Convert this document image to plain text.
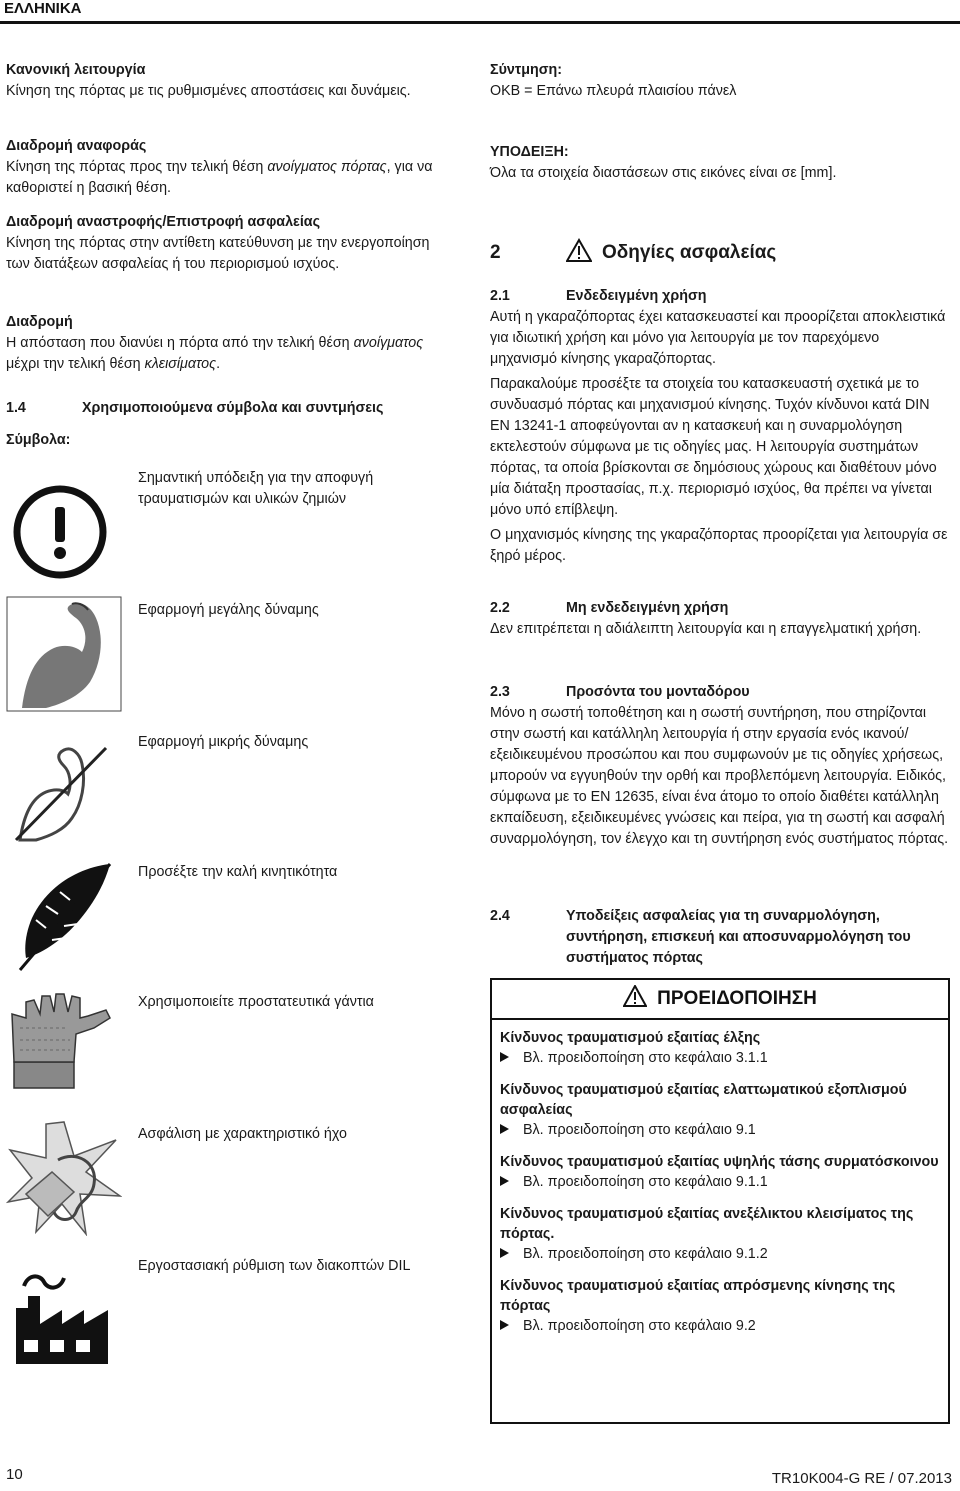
ΕΛΛΗΝΙΚΑ

Κανονική λειτουργία

Κίνηση της πόρτας με τις ρυθμισμένες αποστάσεις και δυνάμεις.

Διαδρομή αναφοράς

Κίνηση της πόρτας προς την τελική θέση ανοίγματος πόρτας, για να καθοριστεί η βασική θέση.

Διαδρομή αναστροφής/Επιστροφή ασφαλείας

Κίνηση της πόρτας στην αντίθετη κατεύθυνση με την ενεργοποίηση των διατάξεων ασφαλείας ή του περιορισμού ισχύος.

Διαδρομή

Η απόσταση που διανύει η πόρτα από την τελική θέση ανοίγματος μέχρι την τελική θέση κλεισίματος.

1.4	Χρησιμοποιούμενα σύμβολα και συντμήσεις

Σύμβολα:

Σημαντική υπόδειξη για την αποφυγή τραυματισμών και υλικών ζημιών
Εφαρμογή μεγάλης δύναμης
Εφαρμογή μικρής δύναμης
Προσέξτε την καλή κινητικότητα
Χρησιμοποιείτε προστατευτικά γάντια
Ασφάλιση με χαρακτηριστικό ήχο
Εργοστασιακή ρύθμιση των διακοπτών DIL

Σύντμηση:

OKB = Επάνω πλευρά πλαισίου πάνελ

ΥΠΟΔΕΙΞΗ:

Όλα τα στοιχεία διαστάσεων στις εικόνες είναι σε [mm].

2	Οδηγίες ασφαλείας

2.1	Ενδεδειγμένη χρήση

Αυτή η γκαραζόπορτας έχει κατασκευαστεί και προορίζεται αποκλειστικά για ιδιωτική χρήση και μόνο για λειτουργία με τον παρεχόμενο μηχανισμό κίνησης γκαραζόπορτας.

Παρακαλούμε προσέξτε τα στοιχεία του κατασκευαστή σχετικά με το συνδυασμό πόρτας και μηχανισμού κίνησης. Τυχόν κίνδυνοι κατά DIN EN 13241-1 αποφεύγονται αν η κατασκευή και η συναρμολόγηση εκτελεστούν σύμφωνα με τις οδηγίες μας. Η λειτουργία συστημάτων πόρτας, τα οποία βρίσκονται σε δημόσιους χώρους και διαθέτουν μόνο μία διάταξη προστασίας, π.χ. περιορισμό ισχύος, θα πρέπει να γίνεται μόνο υπό επίβλεψη.

Ο μηχανισμός κίνησης της γκαραζόπορτας προορίζεται για λειτουργία σε ξηρό μέρος.

2.2	Μη ενδεδειγμένη χρήση

Δεν επιτρέπεται η αδιάλειπτη λειτουργία και η επαγγελματική χρήση.

2.3	Προσόντα του μονταδόρου

Μόνο η σωστή τοποθέτηση και η σωστή συντήρηση, που στηρίζονται στην σωστή και κατάλληλη λειτουργία ή στην εργασία ενός ικανού/εξειδικευμένου προσώπου και που συμφωνούν με τις οδηγίες χρήσεως, μπορούν να εγγυηθούν την ορθή και προβλεπόμενη λειτουργία. Ειδικός, σύμφωνα με το EN 12635, είναι ένα άτομο το οποίο διαθέτει κατάλληλη εκπαίδευση, εξειδικευμένες γνώσεις και πείρα, για τη σωστή και ασφαλή συναρμολόγηση, τον έλεγχο και τη συντήρηση ενός συστήματος πόρτας.

2.4	Υποδείξεις ασφαλείας για τη συναρμολόγηση, συντήρηση, επισκευή και αποσυναρμολόγηση του συστήματος πόρτας
ΠΡΟΕΙΔΟΠΟΙΗΣΗ
Κίνδυνος τραυματισμού εξαιτίας έλξης
Βλ. προειδοποίηση στο κεφάλαιο 3.1.1
Κίνδυνος τραυματισμού εξαιτίας ελαττωματικού εξοπλισμού ασφαλείας
Βλ. προειδοποίηση στο κεφάλαιο 9.1
Κίνδυνος τραυματισμού εξαιτίας υψηλής τάσης συρματόσκοινου
Βλ. προειδοποίηση στο κεφάλαιο 9.1.1
Κίνδυνος τραυματισμού εξαιτίας ανεξέλικτου κλεισίματος της πόρτας.
Βλ. προειδοποίηση στο κεφάλαιο 9.1.2
Κίνδυνος τραυματισμού εξαιτίας απρόσμενης κίνησης της πόρτας
Βλ. προειδοποίηση στο κεφάλαιο 9.2
10	TR10K004-G RE / 07.2013
